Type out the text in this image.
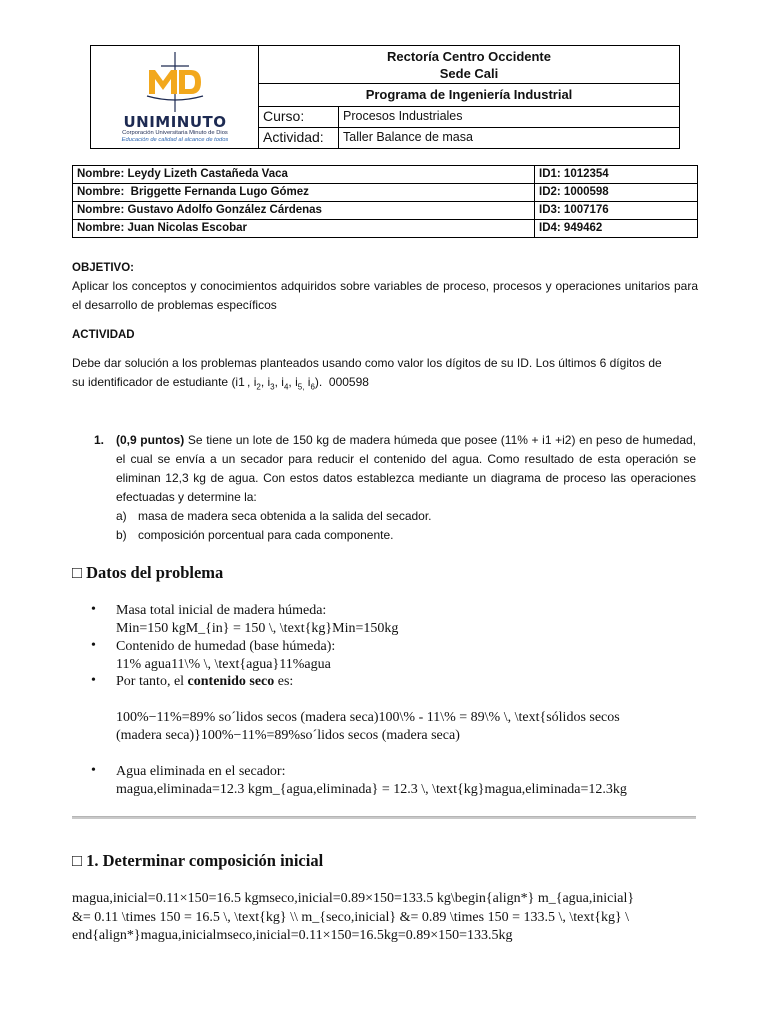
UNIMINUTO
Corporación Universitaria Minuto de Dios
Educación de calidad al alcance de todos
Rectoría Centro Occidente
Sede Cali
Programa de Ingeniería Industrial
Curso:	Procesos Industriales
Actividad:	Taller Balance de masa
Nombre: Leydy Lizeth Castañeda Vaca	ID1: 1012354
Nombre:  Briggette Fernanda Lugo Gómez	ID2: 1000598
Nombre: Gustavo Adolfo González Cárdenas	ID3: 1007176
Nombre: Juan Nicolas Escobar	ID4: 949462
OBJETIVO:
Aplicar los conceptos y conocimientos adquiridos sobre variables de proceso, procesos y operaciones unitarios para el desarrollo de problemas específicos
ACTIVIDAD
Debe dar solución a los problemas planteados usando como valor los dígitos de su ID. Los últimos 6 dígitos de
su identificador de estudiante (i1 , $i_2$, $i_3$, $i_4$, $i_{5,}$ $i_6$).  000598
1. (0,9 puntos) Se tiene un lote de 150 kg de madera húmeda que posee (11% + i1 +i2) en peso de humedad, el cual se envía a un secador para reducir el contenido del agua. Como resultado de esta operación se eliminan 12,3 kg de agua. Con estos datos establezca mediante un diagrama de proceso las operaciones efectuadas y determine la:
a) masa de madera seca obtenida a la salida del secador.
b) composición porcentual para cada componente.
□ Datos del problema
• Masa total inicial de madera húmeda:
Min=150 kgM_{in} = 150 \, \text{kg}Min=150kg
• Contenido de humedad (base húmeda):
11% agua11\% \, \text{agua}11%agua
• Por tanto, el contenido seco es:
100%−11%=89% so´lidos secos (madera seca)100\% - 11\% = 89\% \, \text{sólidos secos
(madera seca)}100%−11%=89%so´lidos secos (madera seca)
• Agua eliminada en el secador:
magua,eliminada=12.3 kgm_{agua,eliminada} = 12.3 \, \text{kg}magua,eliminada=12.3kg
□ 1. Determinar composición inicial
magua,inicial=0.11×150=16.5 kgmseco,inicial=0.89×150=133.5 kg\begin{align*} m_{agua,inicial}
&= 0.11 \times 150 = 16.5 \, \text{kg} \\ m_{seco,inicial} &= 0.89 \times 150 = 133.5 \, \text{kg} \
end{align*}magua,inicialmseco,inicial=0.11×150=16.5kg=0.89×150=133.5kg
